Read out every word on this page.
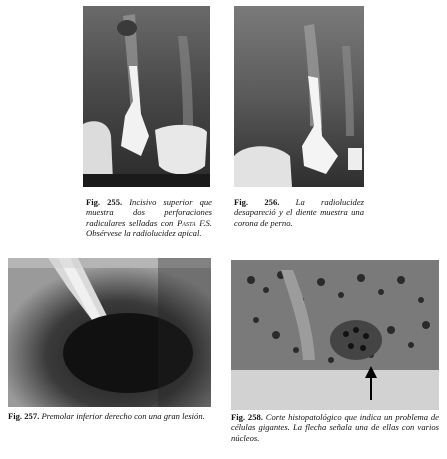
Fig. 255. Incisivo superior que muestra dos perforaciones radiculares selladas con Pasta F.S. Obsérvese la radiolucidez apical.
Fig. 256. La radiolucidez desapareció y el diente muestra una corona de perno.
Fig. 257. Premolar inferior derecho con una gran lesión.	Fig. 258. Corte histopatológico que indica un problema de células gigantes. La flecha señala una de ellas con varios núcleos.
